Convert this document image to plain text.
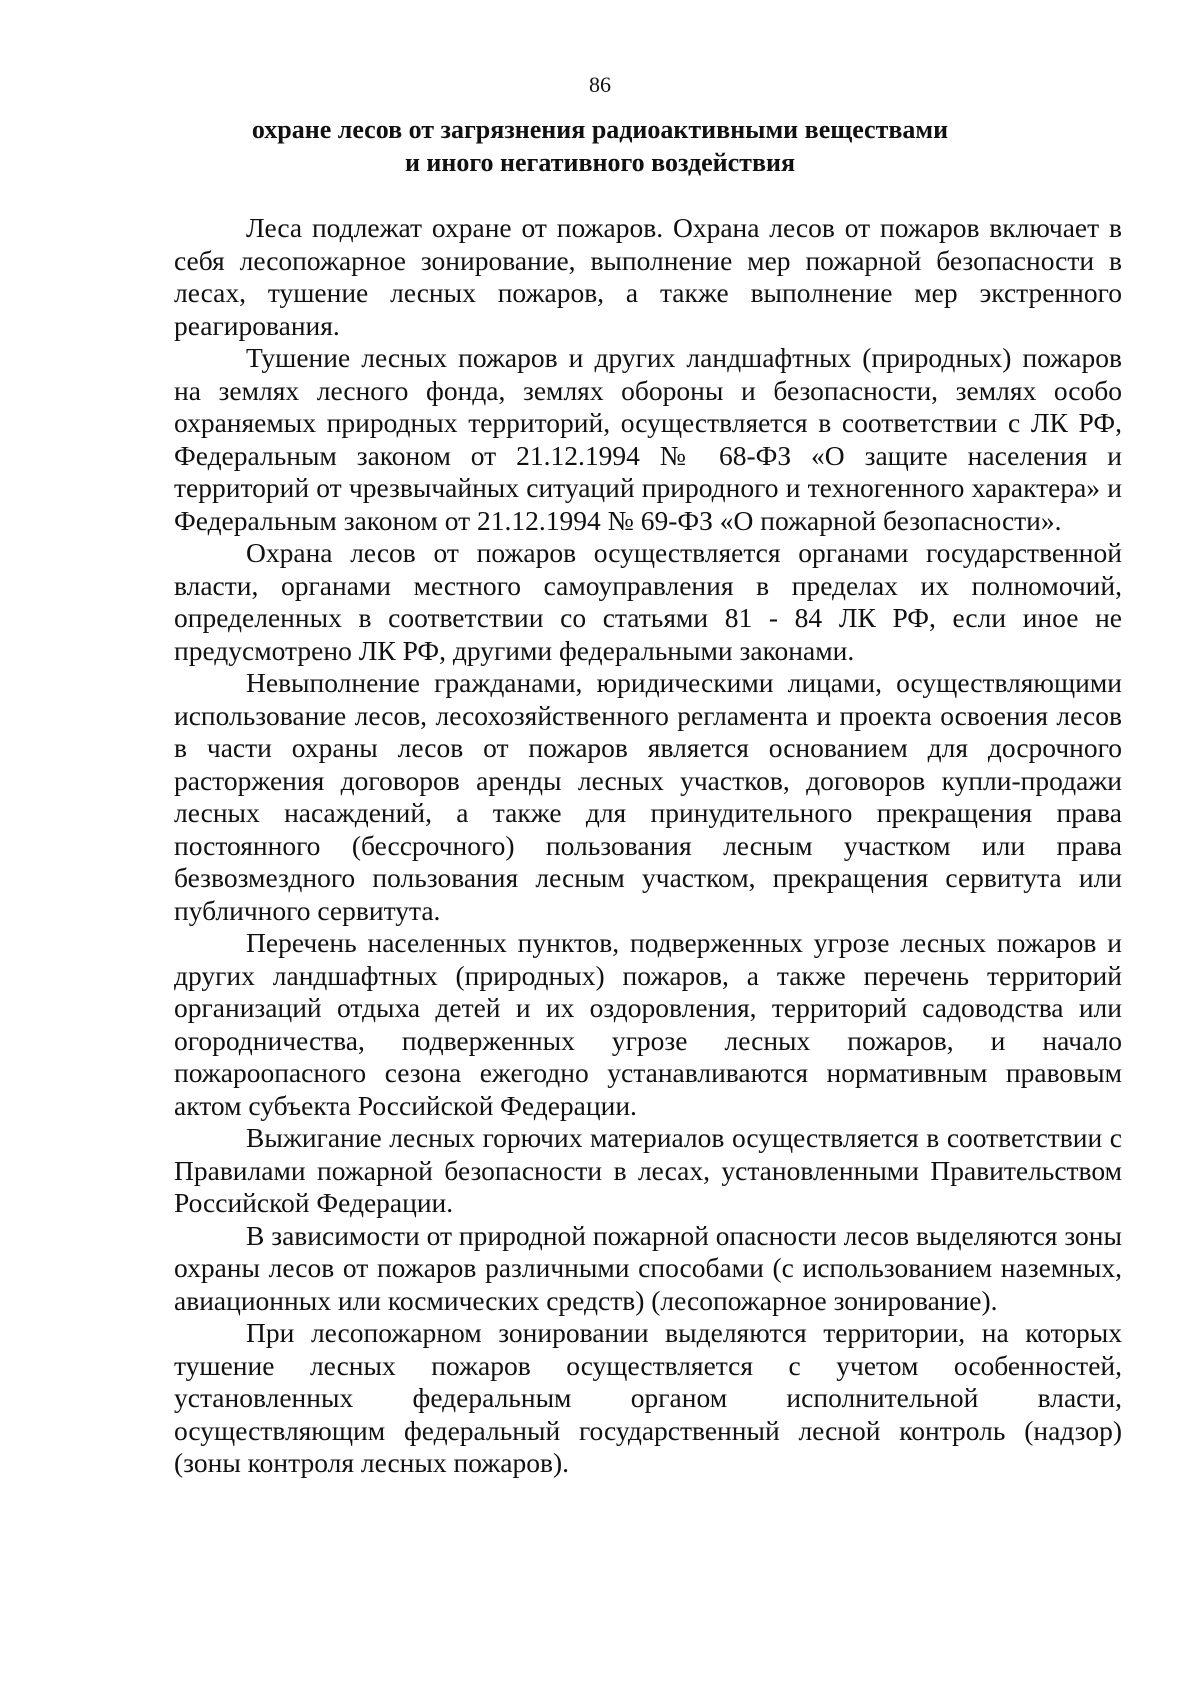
86
охране лесов от загрязнения радиоактивными веществами
и иного негативного воздействия

Леса подлежат охране от пожаров. Охрана лесов от пожаров включает в себя лесопожарное зонирование, выполнение мер пожарной безопасности в лесах, тушение лесных пожаров, а также выполнение мер экстренного реагирования.

Тушение лесных пожаров и других ландшафтных (природных) пожаров на землях лесного фонда, землях обороны и безопасности, землях особо охраняемых природных территорий, осуществляется в соответствии с ЛК РФ, Федеральным законом от 21.12.1994 № 68-ФЗ «О защите населения и территорий от чрезвычайных ситуаций природного и техногенного характера» и Федеральным законом от 21.12.1994 № 69-ФЗ «О пожарной безопасности».

Охрана лесов от пожаров осуществляется органами государственной власти, органами местного самоуправления в пределах их полномочий, определенных в соответствии со статьями 81 - 84 ЛК РФ, если иное не предусмотрено ЛК РФ, другими федеральными законами.

Невыполнение гражданами, юридическими лицами, осуществляющими использование лесов, лесохозяйственного регламента и проекта освоения лесов в части охраны лесов от пожаров является основанием для досрочного расторжения договоров аренды лесных участков, договоров купли-продажи лесных насаждений, а также для принудительного прекращения права постоянного (бессрочного) пользования лесным участком или права безвозмездного пользования лесным участком, прекращения сервитута или публичного сервитута.

Перечень населенных пунктов, подверженных угрозе лесных пожаров и других ландшафтных (природных) пожаров, а также перечень территорий организаций отдыха детей и их оздоровления, территорий садоводства или огородничества, подверженных угрозе лесных пожаров, и начало пожароопасного сезона ежегодно устанавливаются нормативным правовым актом субъекта Российской Федерации.

Выжигание лесных горючих материалов осуществляется в соответствии с Правилами пожарной безопасности в лесах, установленными Правительством Российской Федерации.

В зависимости от природной пожарной опасности лесов выделяются зоны охраны лесов от пожаров различными способами (с использованием наземных, авиационных или космических средств) (лесопожарное зонирование).

При лесопожарном зонировании выделяются территории, на которых тушение лесных пожаров осуществляется с учетом особенностей, установленных федеральным органом исполнительной власти, осуществляющим федеральный государственный лесной контроль (надзор) (зоны контроля лесных пожаров).
